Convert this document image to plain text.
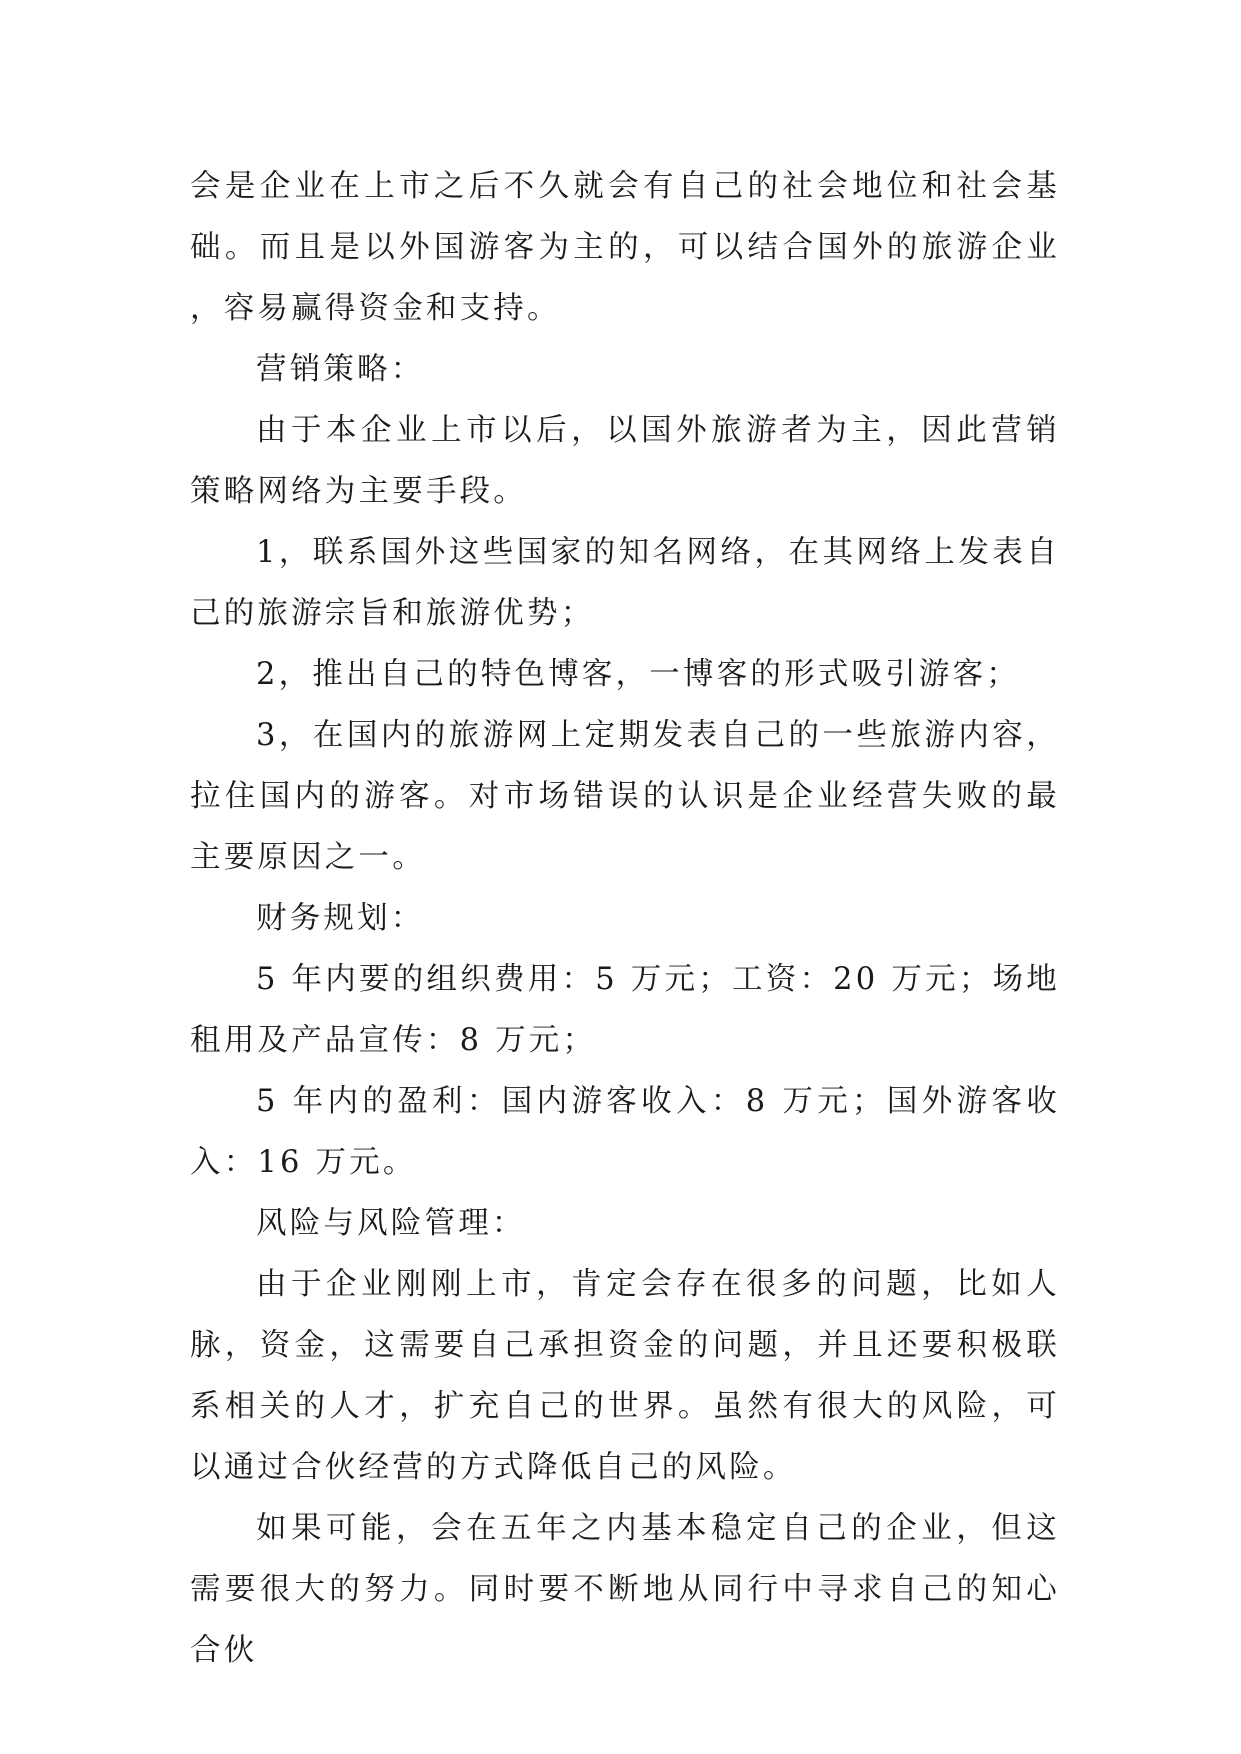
会是企业在上市之后不久就会有自己的社会地位和社会基础。而且是以外国游客为主的，可以结合国外的旅游企业，容易赢得资金和支持。

营销策略：

由于本企业上市以后，以国外旅游者为主，因此营销策略网络为主要手段。

1，联系国外这些国家的知名网络，在其网络上发表自己的旅游宗旨和旅游优势；

2，推出自己的特色博客，一博客的形式吸引游客；

3，在国内的旅游网上定期发表自己的一些旅游内容，拉住国内的游客。对市场错误的认识是企业经营失败的最主要原因之一。

财务规划：

5 年内要的组织费用：5 万元；工资：20 万元；场地租用及产品宣传：8 万元；

5 年内的盈利：国内游客收入：8 万元；国外游客收入：16 万元。

风险与风险管理：

由于企业刚刚上市，肯定会存在很多的问题，比如人脉，资金，这需要自己承担资金的问题，并且还要积极联系相关的人才，扩充自己的世界。虽然有很大的风险，可以通过合伙经营的方式降低自己的风险。

如果可能，会在五年之内基本稳定自己的企业，但这需要很大的努力。同时要不断地从同行中寻求自己的知心合伙
